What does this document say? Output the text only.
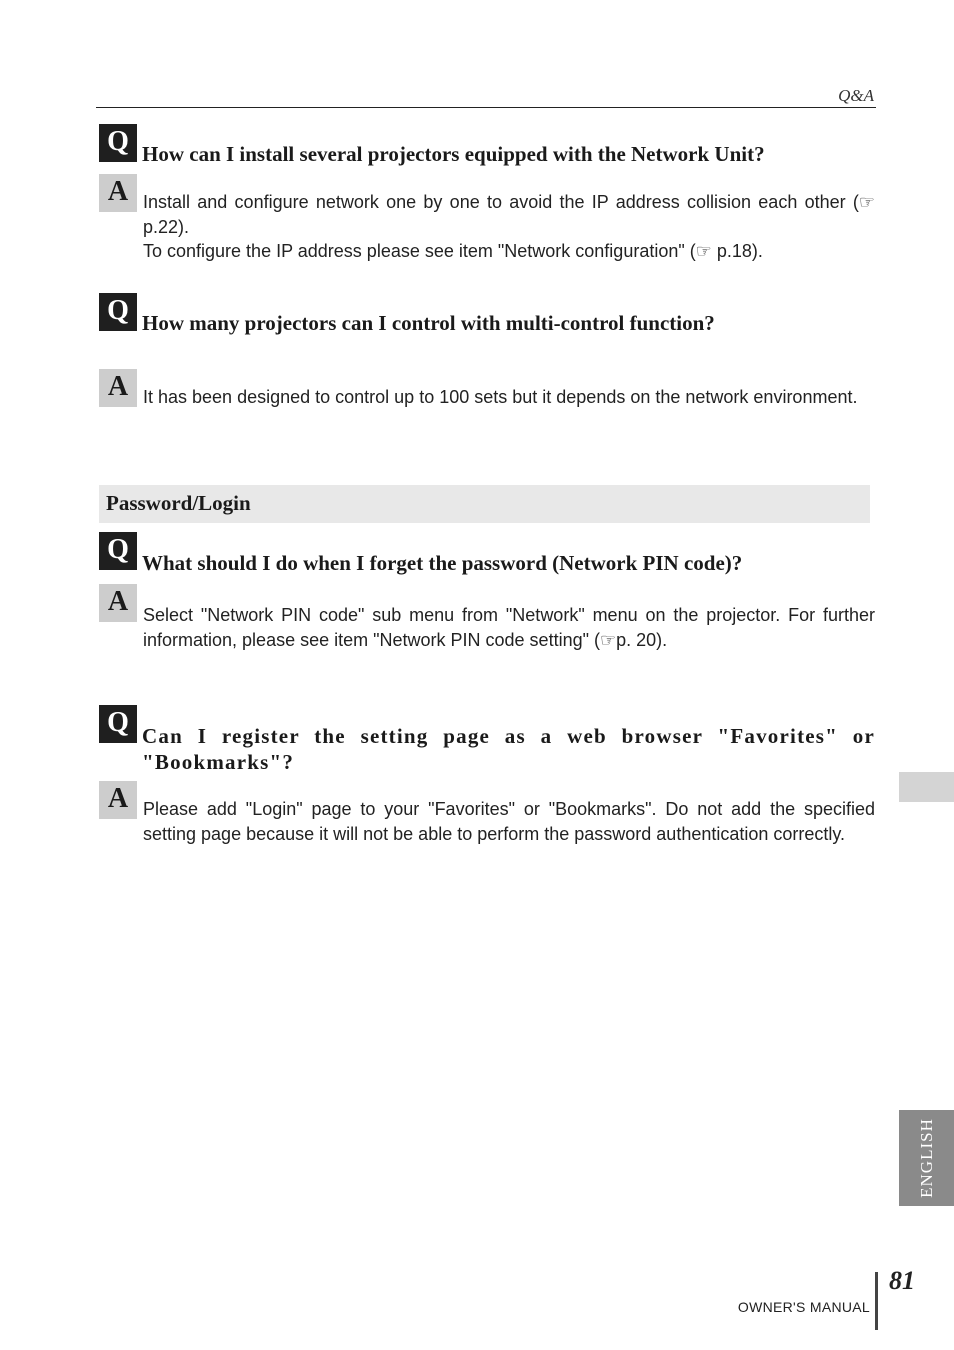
Q&A
Q How can I install several projectors equipped with the Network Unit?
A Install and configure network one by one to avoid the IP address collision each other (☞ p.22).

To configure the IP address please see item "Network configuration" (☞ p.18).

Q How many projectors can I control with multi-control function?
A It has been designed to control up to 100 sets but it depends on the network environment.

Password/Login
Q What should I do when I forget the password (Network PIN code)?
A Select "Network PIN code" sub menu from "Network" menu on the projector. For further information, please see item "Network PIN code setting" (☞p. 20).

Q Can I register the setting page as a web browser "Favorites" or "Bookmarks"?
A Please add "Login" page to your "Favorites" or "Bookmarks". Do not add the specified setting page because it will not be able to perform the password authentication correctly.

ENGLISH
OWNER'S MANUAL
81
